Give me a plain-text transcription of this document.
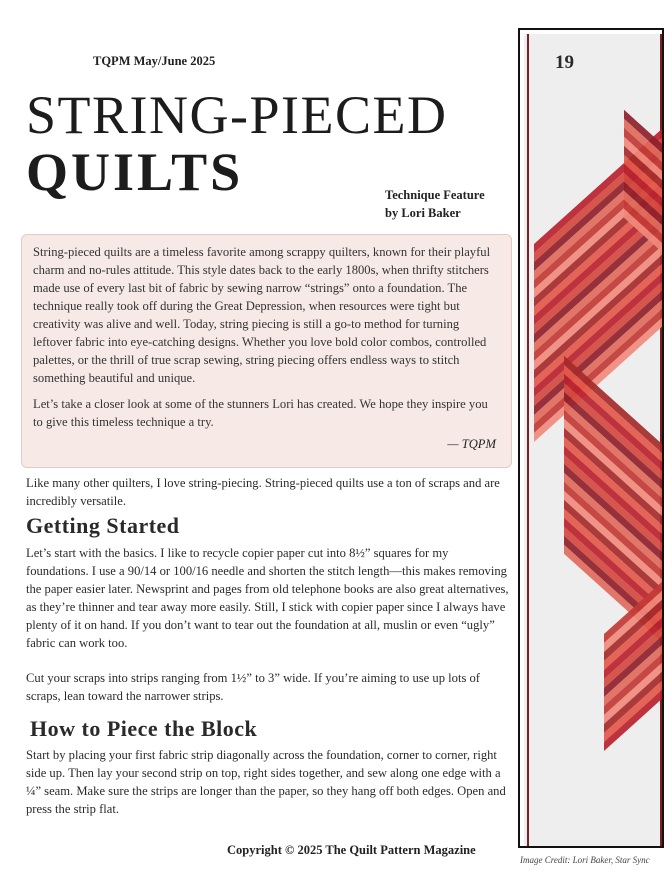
TQPM May/June 2025
STRING-PIECED
QUILTS	Technique Feature
by Lori Baker

String-pieced quilts are a timeless favorite among scrappy quilters, known for their playful charm and no-rules attitude. This style dates back to the early 1800s, when thrifty stitchers made use of every last bit of fabric by sewing narrow “strings” onto a foundation. The technique really took off during the Great Depression, when resources were tight but creativity was alive and well. Today, string piecing is still a go-to method for turning leftover fabric into eye-catching designs. Whether you love bold color combos, controlled palettes, or the thrill of true scrap sewing, string piecing offers endless ways to stitch something beautiful and unique.

Let’s take a closer look at some of the stunners Lori has created. We hope they inspire you to give this timeless technique a try.

— TQPM

Like many other quilters, I love string-piecing. String-pieced quilts use a ton of scraps and are incredibly versatile.

Getting Started

Let’s start with the basics. I like to recycle copier paper cut into 8½” squares for my foundations. I use a 90/14 or 100/16 needle and shorten the stitch length—this makes removing the paper easier later. Newsprint and pages from old telephone books are also great alternatives, as they’re thinner and tear away more easily. Still, I stick with copier paper since I always have plenty of it on hand. If you don’t want to tear out the foundation at all, muslin or even “ugly” fabric can work too.

Cut your scraps into strips ranging from 1½” to 3” wide. If you’re aiming to use up lots of scraps, lean toward the narrower strips.

How to Piece the Block

Start by placing your first fabric strip diagonally across the foundation, corner to corner, right side up. Then lay your second strip on top, right sides together, and sew along one edge with a ¼” seam. Make sure the strips are longer than the paper, so they hang off both edges. Open and press the strip flat.

Copyright © 2025 The Quilt Pattern Magazine
19
Image Credit: Lori Baker, Star Sync
